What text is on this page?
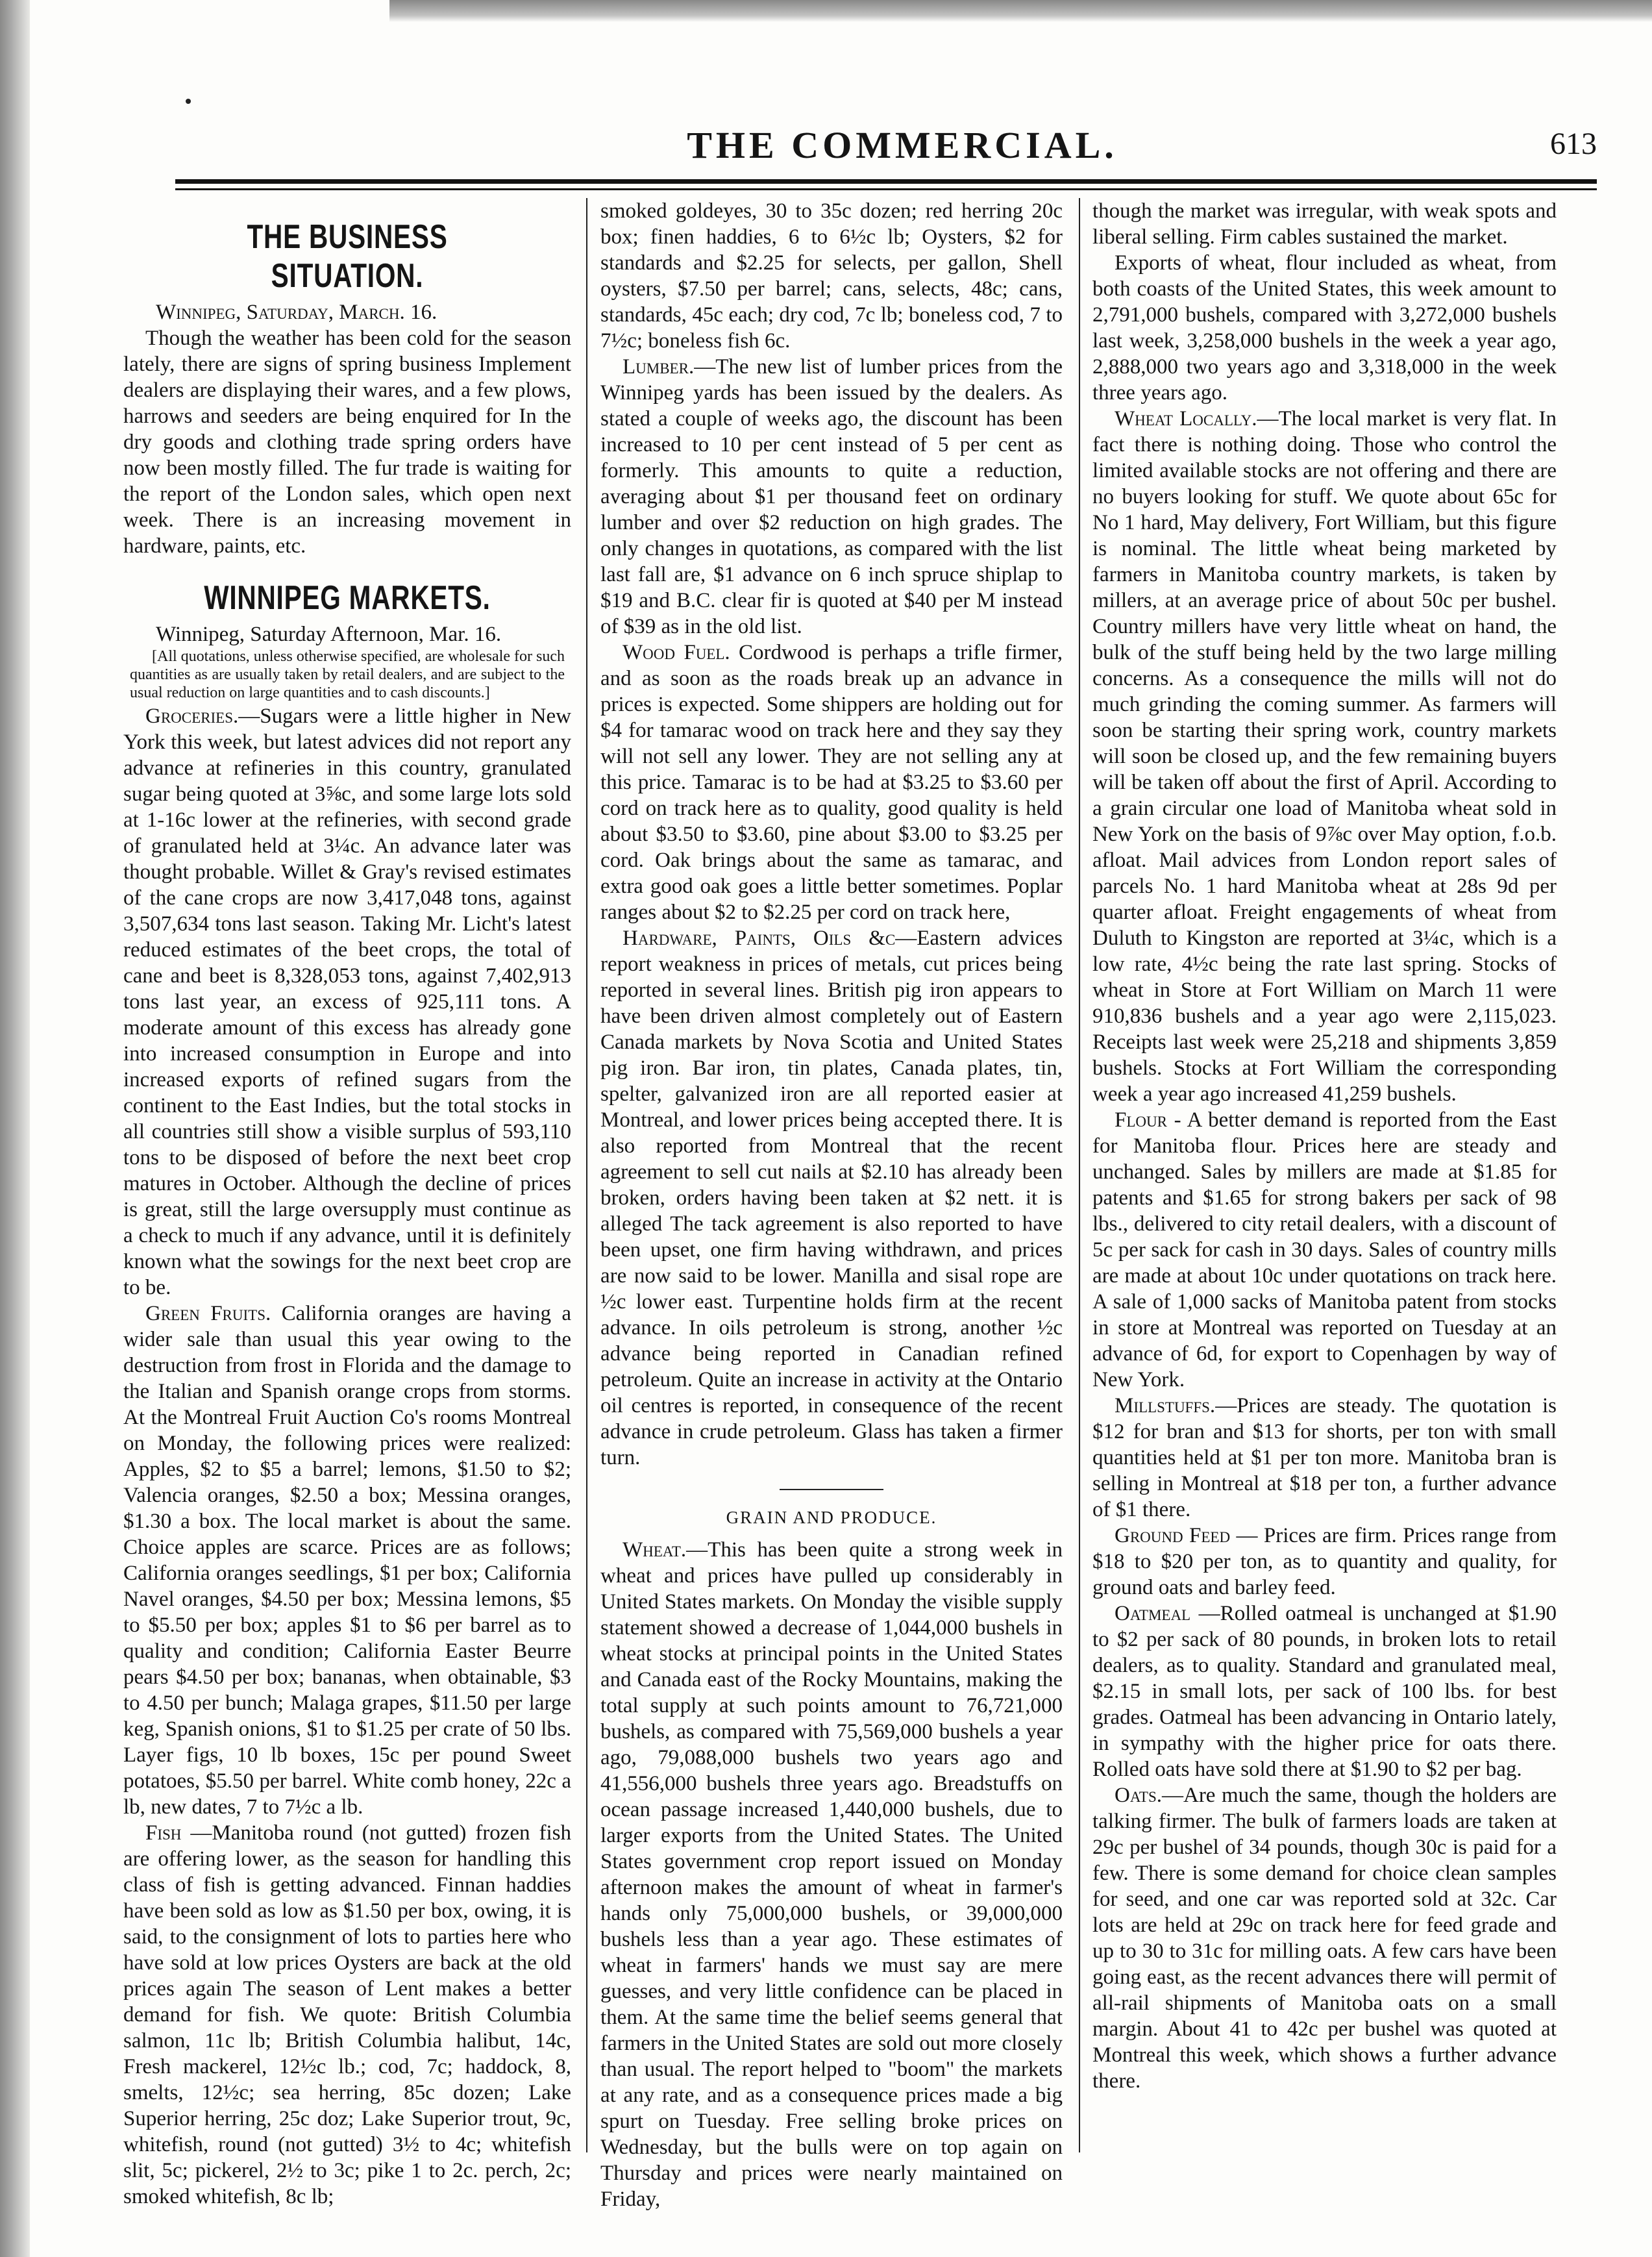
THE COMMERCIAL.	613
THE BUSINESS SITUATION.

Winnipeg, Saturday, March. 16.

Though the weather has been cold for the season lately, there are signs of spring business Implement dealers are displaying their wares, and a few plows, harrows and seeders are being enquired for In the dry goods and clothing trade spring orders have now been mostly filled. The fur trade is waiting for the report of the London sales, which open next week. There is an increasing movement in hardware, paints, etc.

WINNIPEG MARKETS.

Winnipeg, Saturday Afternoon, Mar. 16.

[All quotations, unless otherwise specified, are wholesale for such quantities as are usually taken by retail dealers, and are subject to the usual reduction on large quantities and to cash discounts.]

Groceries.—Sugars were a little higher in New York this week, but latest advices did not report any advance at refineries in this country, granulated sugar being quoted at 3⅝c, and some large lots sold at 1-16c lower at the refineries, with second grade of granulated held at 3¼c. An advance later was thought probable. Willet & Gray's revised estimates of the cane crops are now 3,417,048 tons, against 3,507,634 tons last season. Taking Mr. Licht's latest reduced estimates of the beet crops, the total of cane and beet is 8,328,053 tons, against 7,402,913 tons last year, an excess of 925,111 tons. A moderate amount of this excess has already gone into increased consumption in Europe and into increased exports of refined sugars from the continent to the East Indies, but the total stocks in all countries still show a visible surplus of 593,110 tons to be disposed of before the next beet crop matures in October. Although the decline of prices is great, still the large oversupply must continue as a check to much if any advance, until it is definitely known what the sowings for the next beet crop are to be.

Green Fruits. California oranges are having a wider sale than usual this year owing to the destruction from frost in Florida and the damage to the Italian and Spanish orange crops from storms. At the Montreal Fruit Auction Co's rooms Montreal on Monday, the following prices were realized: Apples, $2 to $5 a barrel; lemons, $1.50 to $2; Valencia oranges, $2.50 a box; Messina oranges, $1.30 a box. The local market is about the same. Choice apples are scarce. Prices are as follows; California oranges seedlings, $1 per box; California Navel oranges, $4.50 per box; Messina lemons, $5 to $5.50 per box; apples $1 to $6 per barrel as to quality and condition; California Easter Beurre pears $4.50 per box; bananas, when obtainable, $3 to 4.50 per bunch; Malaga grapes, $11.50 per large keg, Spanish onions, $1 to $1.25 per crate of 50 lbs. Layer figs, 10 lb boxes, 15c per pound Sweet potatoes, $5.50 per barrel. White comb honey, 22c a lb, new dates, 7 to 7½c a lb.

Fish —Manitoba round (not gutted) frozen fish are offering lower, as the season for handling this class of fish is getting advanced. Finnan haddies have been sold as low as $1.50 per box, owing, it is said, to the consignment of lots to parties here who have sold at low prices Oysters are back at the old prices again The season of Lent makes a better demand for fish. We quote: British Columbia salmon, 11c lb; British Columbia halibut, 14c, Fresh mackerel, 12½c lb.; cod, 7c; haddock, 8, smelts, 12½c; sea herring, 85c dozen; Lake Superior herring, 25c doz; Lake Superior trout, 9c, whitefish, round (not gutted) 3½ to 4c; whitefish slit, 5c; pickerel, 2½ to 3c; pike 1 to 2c. perch, 2c; smoked whitefish, 8c lb;

smoked goldeyes, 30 to 35c dozen; red herring 20c box; finen haddies, 6 to 6½c lb; Oysters, $2 for standards and $2.25 for selects, per gallon, Shell oysters, $7.50 per barrel; cans, selects, 48c; cans, standards, 45c each; dry cod, 7c lb; boneless cod, 7 to 7½c; boneless fish 6c.

Lumber.—The new list of lumber prices from the Winnipeg yards has been issued by the dealers. As stated a couple of weeks ago, the discount has been increased to 10 per cent instead of 5 per cent as formerly. This amounts to quite a reduction, averaging about $1 per thousand feet on ordinary lumber and over $2 reduction on high grades. The only changes in quotations, as compared with the list last fall are, $1 advance on 6 inch spruce shiplap to $19 and B.C. clear fir is quoted at $40 per M instead of $39 as in the old list.

Wood Fuel. Cordwood is perhaps a trifle firmer, and as soon as the roads break up an advance in prices is expected. Some shippers are holding out for $4 for tamarac wood on track here and they say they will not sell any lower. They are not selling any at this price. Tamarac is to be had at $3.25 to $3.60 per cord on track here as to quality, good quality is held about $3.50 to $3.60, pine about $3.00 to $3.25 per cord. Oak brings about the same as tamarac, and extra good oak goes a little better sometimes. Poplar ranges about $2 to $2.25 per cord on track here,

Hardware, Paints, Oils &c—Eastern advices report weakness in prices of metals, cut prices being reported in several lines. British pig iron appears to have been driven almost completely out of Eastern Canada markets by Nova Scotia and United States pig iron. Bar iron, tin plates, Canada plates, tin, spelter, galvanized iron are all reported easier at Montreal, and lower prices being accepted there. It is also reported from Montreal that the recent agreement to sell cut nails at $2.10 has already been broken, orders having been taken at $2 nett. it is alleged The tack agreement is also reported to have been upset, one firm having withdrawn, and prices are now said to be lower. Manilla and sisal rope are ½c lower east. Turpentine holds firm at the recent advance. In oils petroleum is strong, another ½c advance being reported in Canadian refined petroleum. Quite an increase in activity at the Ontario oil centres is reported, in consequence of the recent advance in crude petroleum. Glass has taken a firmer turn.

GRAIN AND PRODUCE.

Wheat.—This has been quite a strong week in wheat and prices have pulled up considerably in United States markets. On Monday the visible supply statement showed a decrease of 1,044,000 bushels in wheat stocks at principal points in the United States and Canada east of the Rocky Mountains, making the total supply at such points amount to 76,721,000 bushels, as compared with 75,569,000 bushels a year ago, 79,088,000 bushels two years ago and 41,556,000 bushels three years ago. Breadstuffs on ocean passage increased 1,440,000 bushels, due to larger exports from the United States. The United States government crop report issued on Monday afternoon makes the amount of wheat in farmer's hands only 75,000,000 bushels, or 39,000,000 bushels less than a year ago. These estimates of wheat in farmers' hands we must say are mere guesses, and very little confidence can be placed in them. At the same time the belief seems general that farmers in the United States are sold out more closely than usual. The report helped to "boom" the markets at any rate, and as a consequence prices made a big spurt on Tuesday. Free selling broke prices on Wednesday, but the bulls were on top again on Thursday and prices were nearly maintained on Friday,

though the market was irregular, with weak spots and liberal selling. Firm cables sustained the market.

Exports of wheat, flour included as wheat, from both coasts of the United States, this week amount to 2,791,000 bushels, compared with 3,272,000 bushels last week, 3,258,000 bushels in the week a year ago, 2,888,000 two years ago and 3,318,000 in the week three years ago.

Wheat Locally.—The local market is very flat. In fact there is nothing doing. Those who control the limited available stocks are not offering and there are no buyers looking for stuff. We quote about 65c for No 1 hard, May delivery, Fort William, but this figure is nominal. The little wheat being marketed by farmers in Manitoba country markets, is taken by millers, at an average price of about 50c per bushel. Country millers have very little wheat on hand, the bulk of the stuff being held by the two large milling concerns. As a consequence the mills will not do much grinding the coming summer. As farmers will soon be starting their spring work, country markets will soon be closed up, and the few remaining buyers will be taken off about the first of April. According to a grain circular one load of Manitoba wheat sold in New York on the basis of 9⅞c over May option, f.o.b. afloat. Mail advices from London report sales of parcels No. 1 hard Manitoba wheat at 28s 9d per quarter afloat. Freight engagements of wheat from Duluth to Kingston are reported at 3¼c, which is a low rate, 4½c being the rate last spring. Stocks of wheat in Store at Fort William on March 11 were 910,836 bushels and a year ago were 2,115,023. Receipts last week were 25,218 and shipments 3,859 bushels. Stocks at Fort William the corresponding week a year ago increased 41,259 bushels.

Flour - A better demand is reported from the East for Manitoba flour. Prices here are steady and unchanged. Sales by millers are made at $1.85 for patents and $1.65 for strong bakers per sack of 98 lbs., delivered to city retail dealers, with a discount of 5c per sack for cash in 30 days. Sales of country mills are made at about 10c under quotations on track here. A sale of 1,000 sacks of Manitoba patent from stocks in store at Montreal was reported on Tuesday at an advance of 6d, for export to Copenhagen by way of New York.

Millstuffs.—Prices are steady. The quotation is $12 for bran and $13 for shorts, per ton with small quantities held at $1 per ton more. Manitoba bran is selling in Montreal at $18 per ton, a further advance of $1 there.

Ground Feed — Prices are firm. Prices range from $18 to $20 per ton, as to quantity and quality, for ground oats and barley feed.

Oatmeal —Rolled oatmeal is unchanged at $1.90 to $2 per sack of 80 pounds, in broken lots to retail dealers, as to quality. Standard and granulated meal, $2.15 in small lots, per sack of 100 lbs. for best grades. Oatmeal has been advancing in Ontario lately, in sympathy with the higher price for oats there. Rolled oats have sold there at $1.90 to $2 per bag.

Oats.—Are much the same, though the holders are talking firmer. The bulk of farmers loads are taken at 29c per bushel of 34 pounds, though 30c is paid for a few. There is some demand for choice clean samples for seed, and one car was reported sold at 32c. Car lots are held at 29c on track here for feed grade and up to 30 to 31c for milling oats. A few cars have been going east, as the recent advances there will permit of all-rail shipments of Manitoba oats on a small margin. About 41 to 42c per bushel was quoted at Montreal this week, which shows a further advance there.
